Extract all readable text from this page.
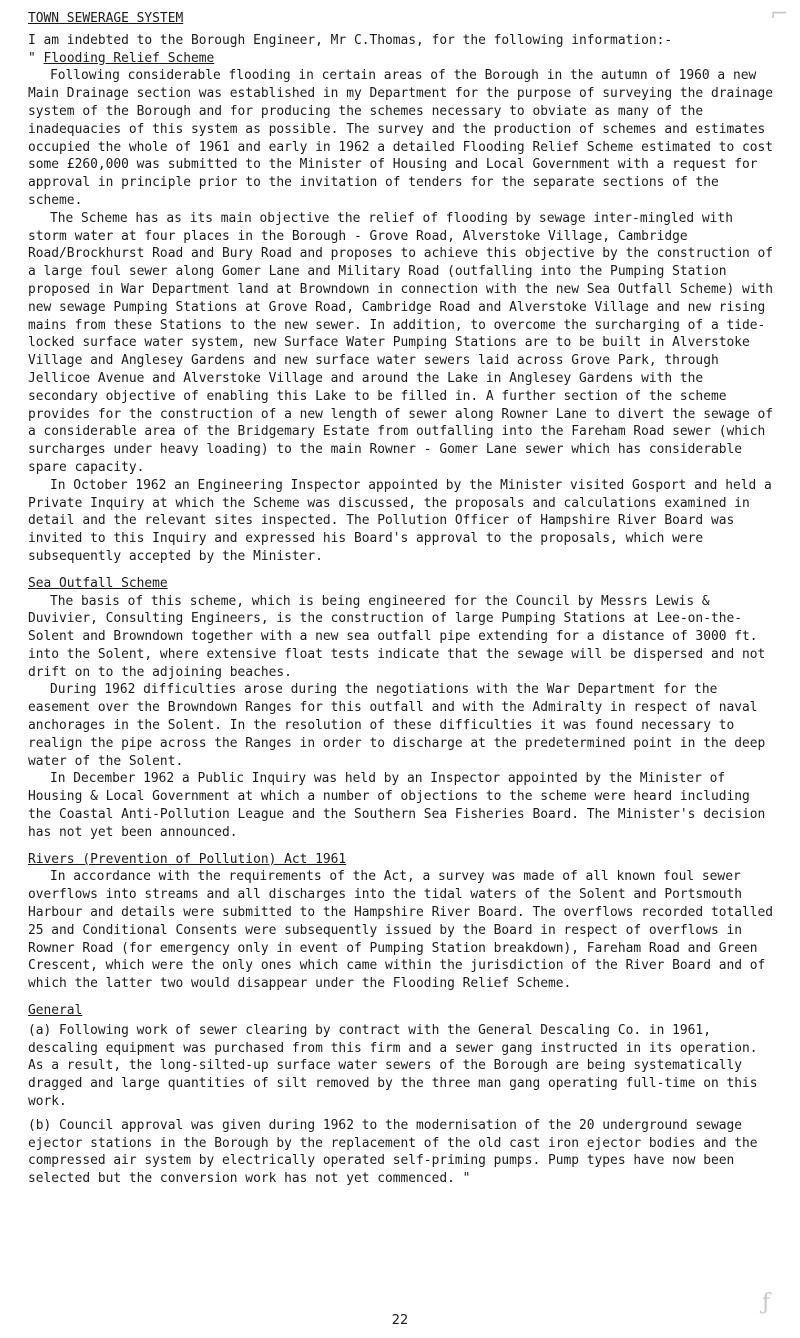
TOWN SEWERAGE SYSTEM

I am indebted to the Borough Engineer, Mr C.Thomas, for the following information:-

" Flooding Relief Scheme

Following considerable flooding in certain areas of the Borough in the autumn of 1960 a new Main Drainage section was established in my Department for the purpose of surveying the drainage system of the Borough and for producing the schemes necessary to obviate as many of the inadequacies of this system as possible. The survey and the production of schemes and estimates occupied the whole of 1961 and early in 1962 a detailed Flooding Relief Scheme estimated to cost some £260,000 was submitted to the Minister of Housing and Local Government with a request for approval in principle prior to the invitation of tenders for the separate sections of the scheme.

The Scheme has as its main objective the relief of flooding by sewage inter-mingled with storm water at four places in the Borough - Grove Road, Alverstoke Village, Cambridge Road/Brockhurst Road and Bury Road and proposes to achieve this objective by the construction of a large foul sewer along Gomer Lane and Military Road (outfalling into the Pumping Station proposed in War Department land at Browndown in connection with the new Sea Outfall Scheme) with new sewage Pumping Stations at Grove Road, Cambridge Road and Alverstoke Village and new rising mains from these Stations to the new sewer. In addition, to overcome the surcharging of a tide-locked surface water system, new Surface Water Pumping Stations are to be built in Alverstoke Village and Anglesey Gardens and new surface water sewers laid across Grove Park, through Jellicoe Avenue and Alverstoke Village and around the Lake in Anglesey Gardens with the secondary objective of enabling this Lake to be filled in. A further section of the scheme provides for the construction of a new length of sewer along Rowner Lane to divert the sewage of a considerable area of the Bridgemary Estate from outfalling into the Fareham Road sewer (which surcharges under heavy loading) to the main Rowner - Gomer Lane sewer which has considerable spare capacity.

In October 1962 an Engineering Inspector appointed by the Minister visited Gosport and held a Private Inquiry at which the Scheme was discussed, the proposals and calculations examined in detail and the relevant sites inspected. The Pollution Officer of Hampshire River Board was invited to this Inquiry and expressed his Board's approval to the proposals, which were subsequently accepted by the Minister.

Sea Outfall Scheme

The basis of this scheme, which is being engineered for the Council by Messrs Lewis & Duvivier, Consulting Engineers, is the construction of large Pumping Stations at Lee-on-the-Solent and Browndown together with a new sea outfall pipe extending for a distance of 3000 ft. into the Solent, where extensive float tests indicate that the sewage will be dispersed and not drift on to the adjoining beaches.

During 1962 difficulties arose during the negotiations with the War Department for the easement over the Browndown Ranges for this outfall and with the Admiralty in respect of naval anchorages in the Solent. In the resolution of these difficulties it was found necessary to realign the pipe across the Ranges in order to discharge at the predetermined point in the deep water of the Solent.

In December 1962 a Public Inquiry was held by an Inspector appointed by the Minister of Housing & Local Government at which a number of objections to the scheme were heard including the Coastal Anti-Pollution League and the Southern Sea Fisheries Board. The Minister's decision has not yet been announced.

Rivers (Prevention of Pollution) Act 1961

In accordance with the requirements of the Act, a survey was made of all known foul sewer overflows into streams and all discharges into the tidal waters of the Solent and Portsmouth Harbour and details were submitted to the Hampshire River Board. The overflows recorded totalled 25 and Conditional Consents were subsequently issued by the Board in respect of overflows in Rowner Road (for emergency only in event of Pumping Station breakdown), Fareham Road and Green Crescent, which were the only ones which came within the jurisdiction of the River Board and of which the latter two would disappear under the Flooding Relief Scheme.

General

(a) Following work of sewer clearing by contract with the General Descaling Co. in 1961, descaling equipment was purchased from this firm and a sewer gang instructed in its operation. As a result, the long-silted-up surface water sewers of the Borough are being systematically dragged and large quantities of silt removed by the three man gang operating full-time on this work.

(b) Council approval was given during 1962 to the modernisation of the 20 underground sewage ejector stations in the Borough by the replacement of the old cast iron ejector bodies and the compressed air system by electrically operated self-priming pumps. Pump types have now been selected but the conversion work has not yet commenced. "

22
⌐
ƒ
